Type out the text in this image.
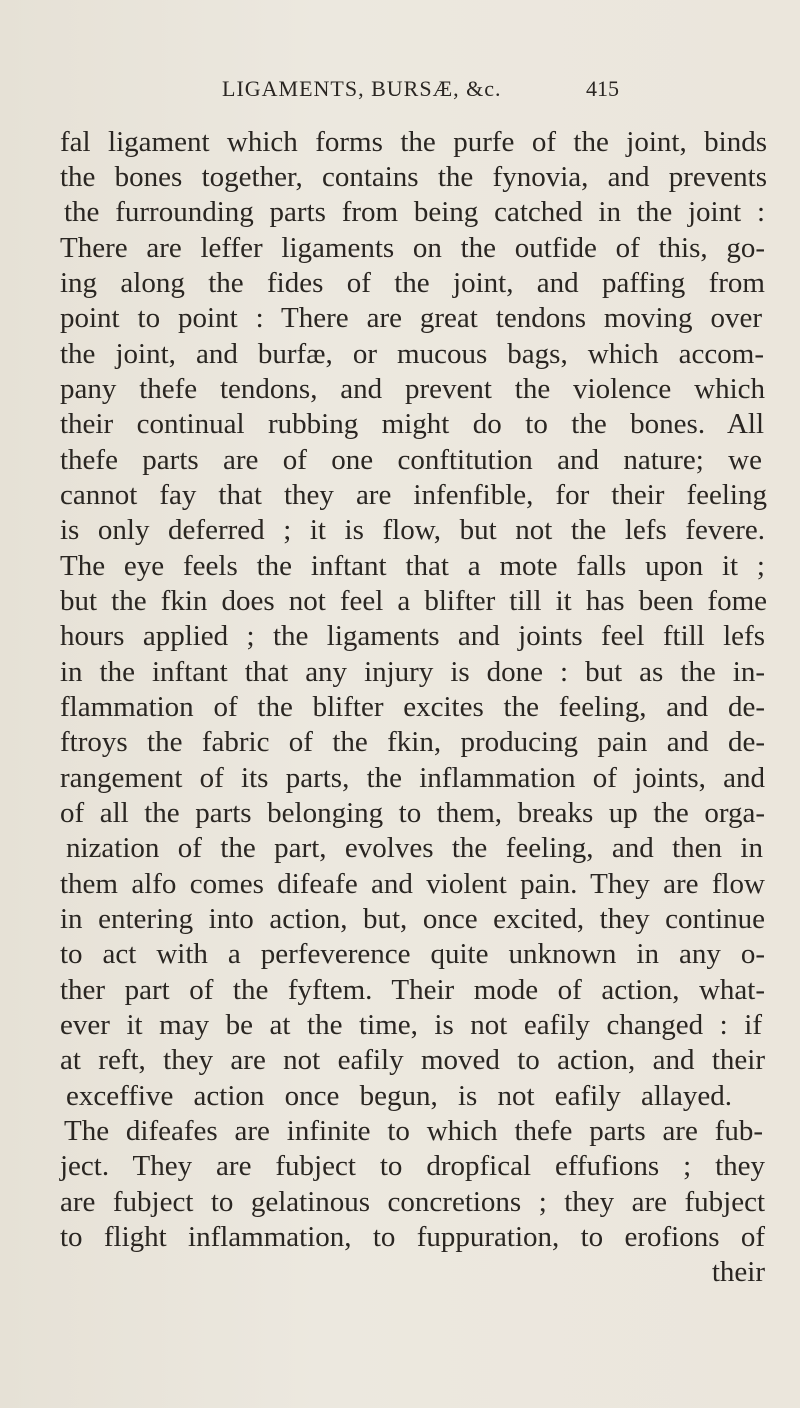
LIGAMENTS, BURSÆ, &c.	415
fal ligament which forms the purfe of the joint, binds
the bones together, contains the fynovia, and prevents
the furrounding parts from being catched in the joint :
There are leffer ligaments on the outfide of this, go-
ing along the fides of the joint, and paffing from
point to point : There are great tendons moving over
the joint, and burfæ, or mucous bags, which accom-
pany thefe tendons, and prevent the violence which
their continual rubbing might do to the bones. All
thefe parts are of one conftitution and nature; we
cannot fay that they are infenfible, for their feeling
is only deferred ; it is flow, but not the lefs fevere.
The eye feels the inftant that a mote falls upon it ;
but the fkin does not feel a blifter till it has been fome
hours applied ; the ligaments and joints feel ftill lefs
in the inftant that any injury is done : but as the in-
flammation of the blifter excites the feeling, and de-
ftroys the fabric of the fkin, producing pain and de-
rangement of its parts, the inflammation of joints, and
of all the parts belonging to them, breaks up the orga-
nization of the part, evolves the feeling, and then in
them alfo comes difeafe and violent pain. They are flow
in entering into action, but, once excited, they continue
to act with a perfeverence quite unknown in any o-
ther part of the fyftem. Their mode of action, what-
ever it may be at the time, is not eafily changed : if
at reft, they are not eafily moved to action, and their
exceffive action once begun, is not eafily allayed.
The difeafes are infinite to which thefe parts are fub-
ject. They are fubject to dropfical effufions ; they
are fubject to gelatinous concretions ; they are fubject
to flight inflammation, to fuppuration, to erofions of
their
